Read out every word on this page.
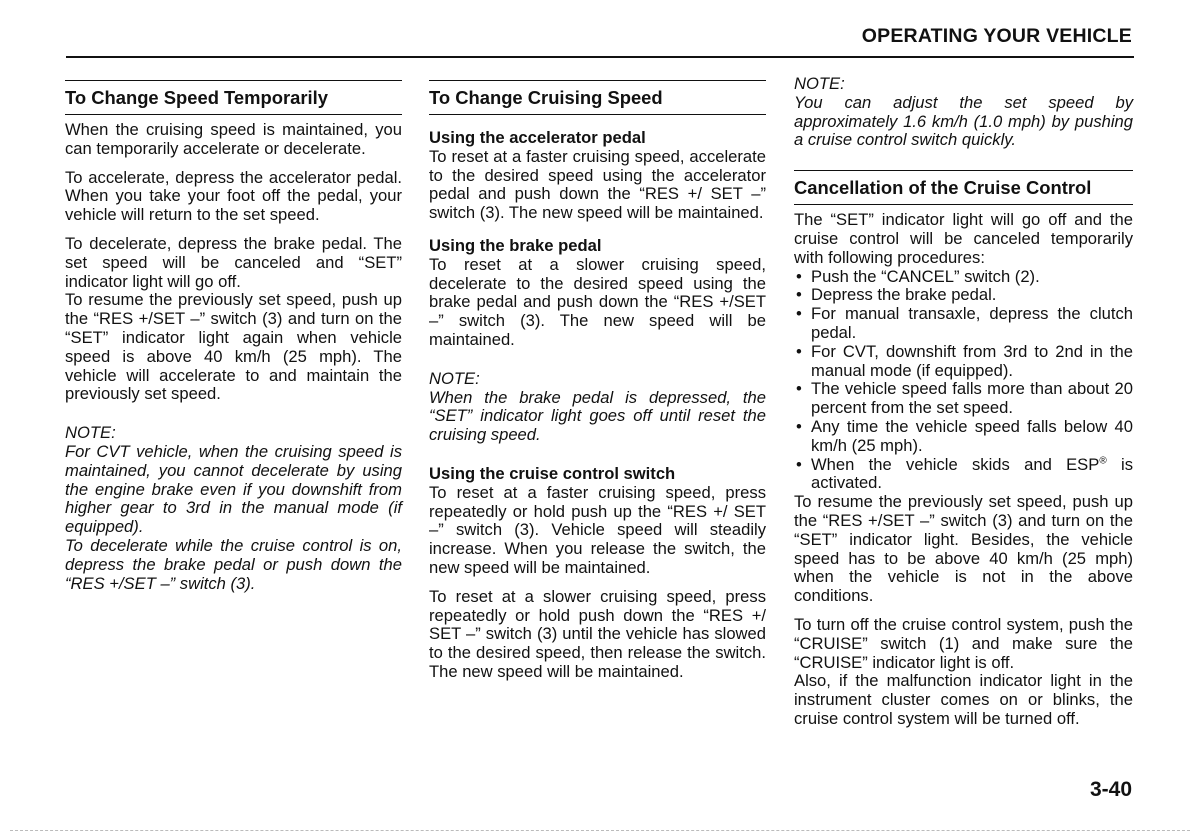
OPERATING YOUR VEHICLE
To Change Speed Temporarily

When the cruising speed is maintained, you can temporarily accelerate or decelerate.

To accelerate, depress the accelerator pedal. When you take your foot off the pedal, your vehicle will return to the set speed.

To decelerate, depress the brake pedal. The set speed will be canceled and “SET” indicator light will go off.

To resume the previously set speed, push up the “RES +/SET –” switch (3) and turn on the “SET” indicator light again when vehicle speed is above 40 km/h (25 mph). The vehicle will accelerate to and maintain the previously set speed.

NOTE:

For CVT vehicle, when the cruising speed is maintained, you cannot decelerate by using the engine brake even if you downshift from higher gear to 3rd in the manual mode (if equipped).

To decelerate while the cruise control is on, depress the brake pedal or push down the “RES +/SET –” switch (3).

To Change Cruising Speed
Using the accelerator pedal

To reset at a faster cruising speed, accelerate to the desired speed using the accelerator pedal and push down the “RES +/ SET –” switch (3). The new speed will be maintained.

Using the brake pedal

To reset at a slower cruising speed, decelerate to the desired speed using the brake pedal and push down the “RES +/SET –” switch (3). The new speed will be maintained.

NOTE:

When the brake pedal is depressed, the “SET” indicator light goes off until reset the cruising speed.

Using the cruise control switch

To reset at a faster cruising speed, press repeatedly or hold push up the “RES +/ SET –” switch (3). Vehicle speed will steadily increase. When you release the switch, the new speed will be maintained.

To reset at a slower cruising speed, press repeatedly or hold push down the “RES +/ SET –” switch (3) until the vehicle has slowed to the desired speed, then release the switch. The new speed will be maintained.

NOTE:

You can adjust the set speed by approximately 1.6 km/h (1.0 mph) by pushing a cruise control switch quickly.

Cancellation of the Cruise Control

The “SET” indicator light will go off and the cruise control will be canceled temporarily with following procedures:

• Push the “CANCEL” switch (2).
• Depress the brake pedal.
• For manual transaxle, depress the clutch pedal.
• For CVT, downshift from 3rd to 2nd in the manual mode (if equipped).
• The vehicle speed falls more than about 20 percent from the set speed.
• Any time the vehicle speed falls below 40 km/h (25 mph).
• When the vehicle skids and ESP® is activated.

To resume the previously set speed, push up the “RES +/SET –” switch (3) and turn on the “SET” indicator light. Besides, the vehicle speed has to be above 40 km/h (25 mph) when the vehicle is not in the above conditions.

To turn off the cruise control system, push the “CRUISE” switch (1) and make sure the “CRUISE” indicator light is off.

Also, if the malfunction indicator light in the instrument cluster comes on or blinks, the cruise control system will be turned off.

3-40
